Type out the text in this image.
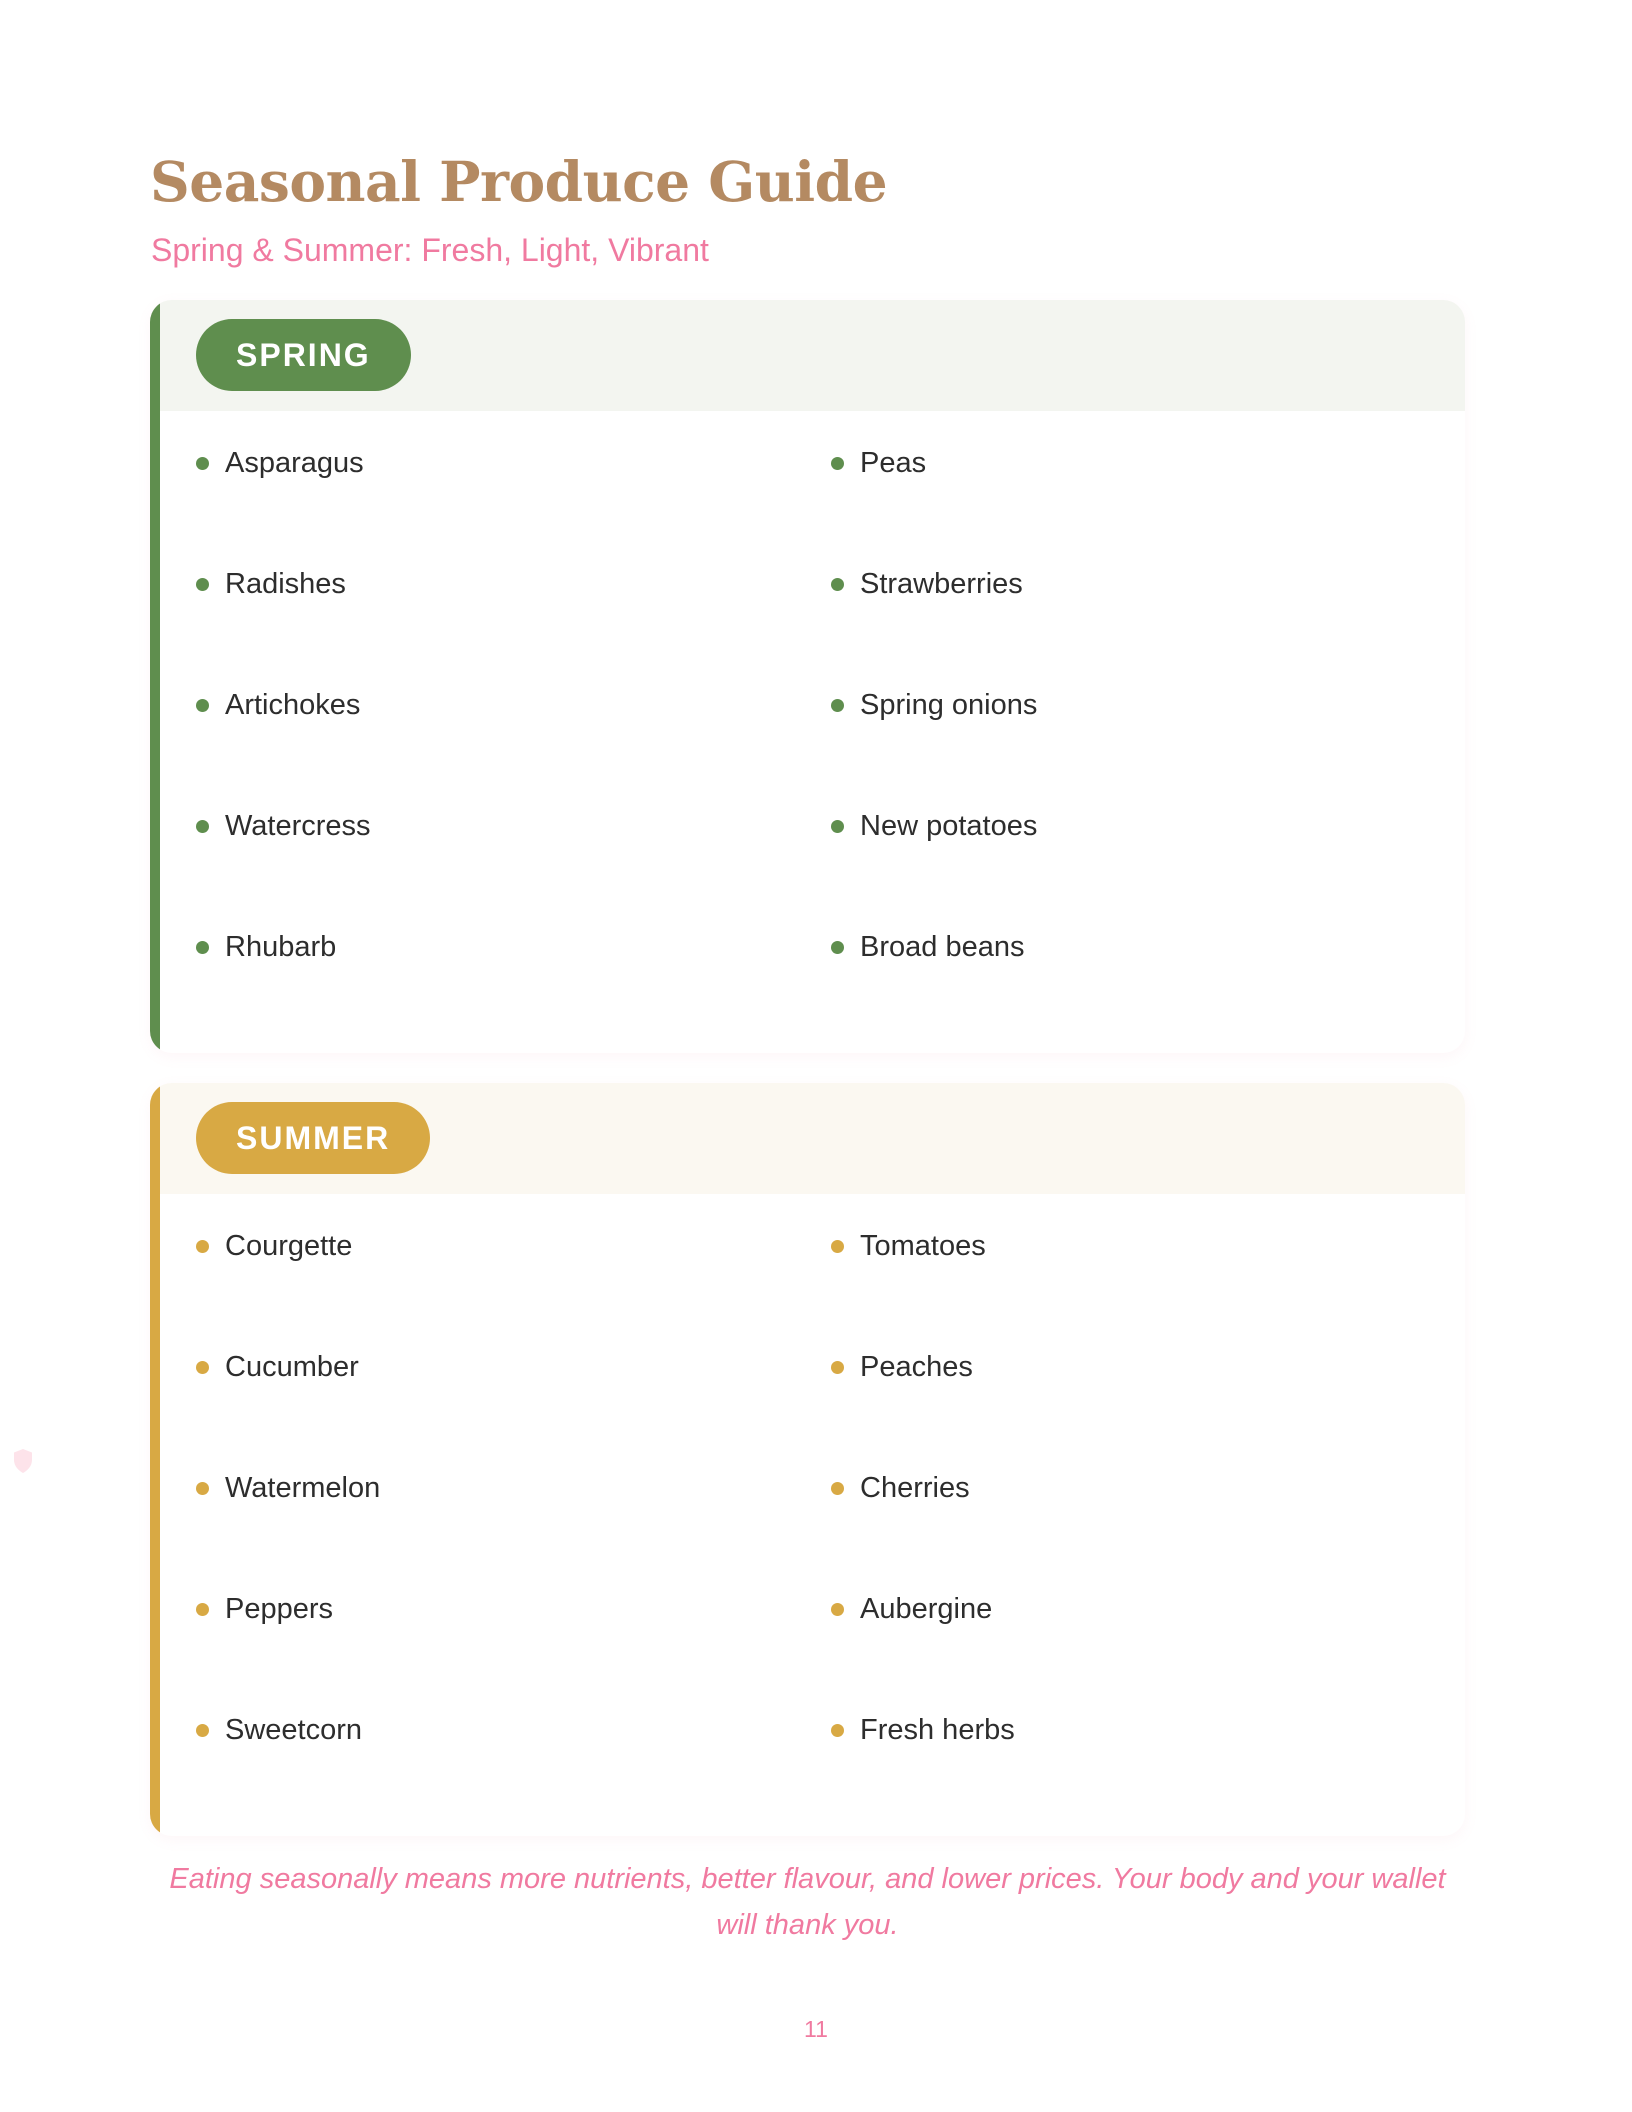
Seasonal Produce Guide

Spring & Summer: Fresh, Light, Vibrant

SPRING
Asparagus	Peas
Radishes	Strawberries
Artichokes	Spring onions
Watercress	New potatoes
Rhubarb	Broad beans
SUMMER
Courgette	Tomatoes
Cucumber	Peaches
Watermelon	Cherries
Peppers	Aubergine
Sweetcorn	Fresh herbs

Eating seasonally means more nutrients, better flavour, and lower prices. Your body and your wallet will thank you.

11
